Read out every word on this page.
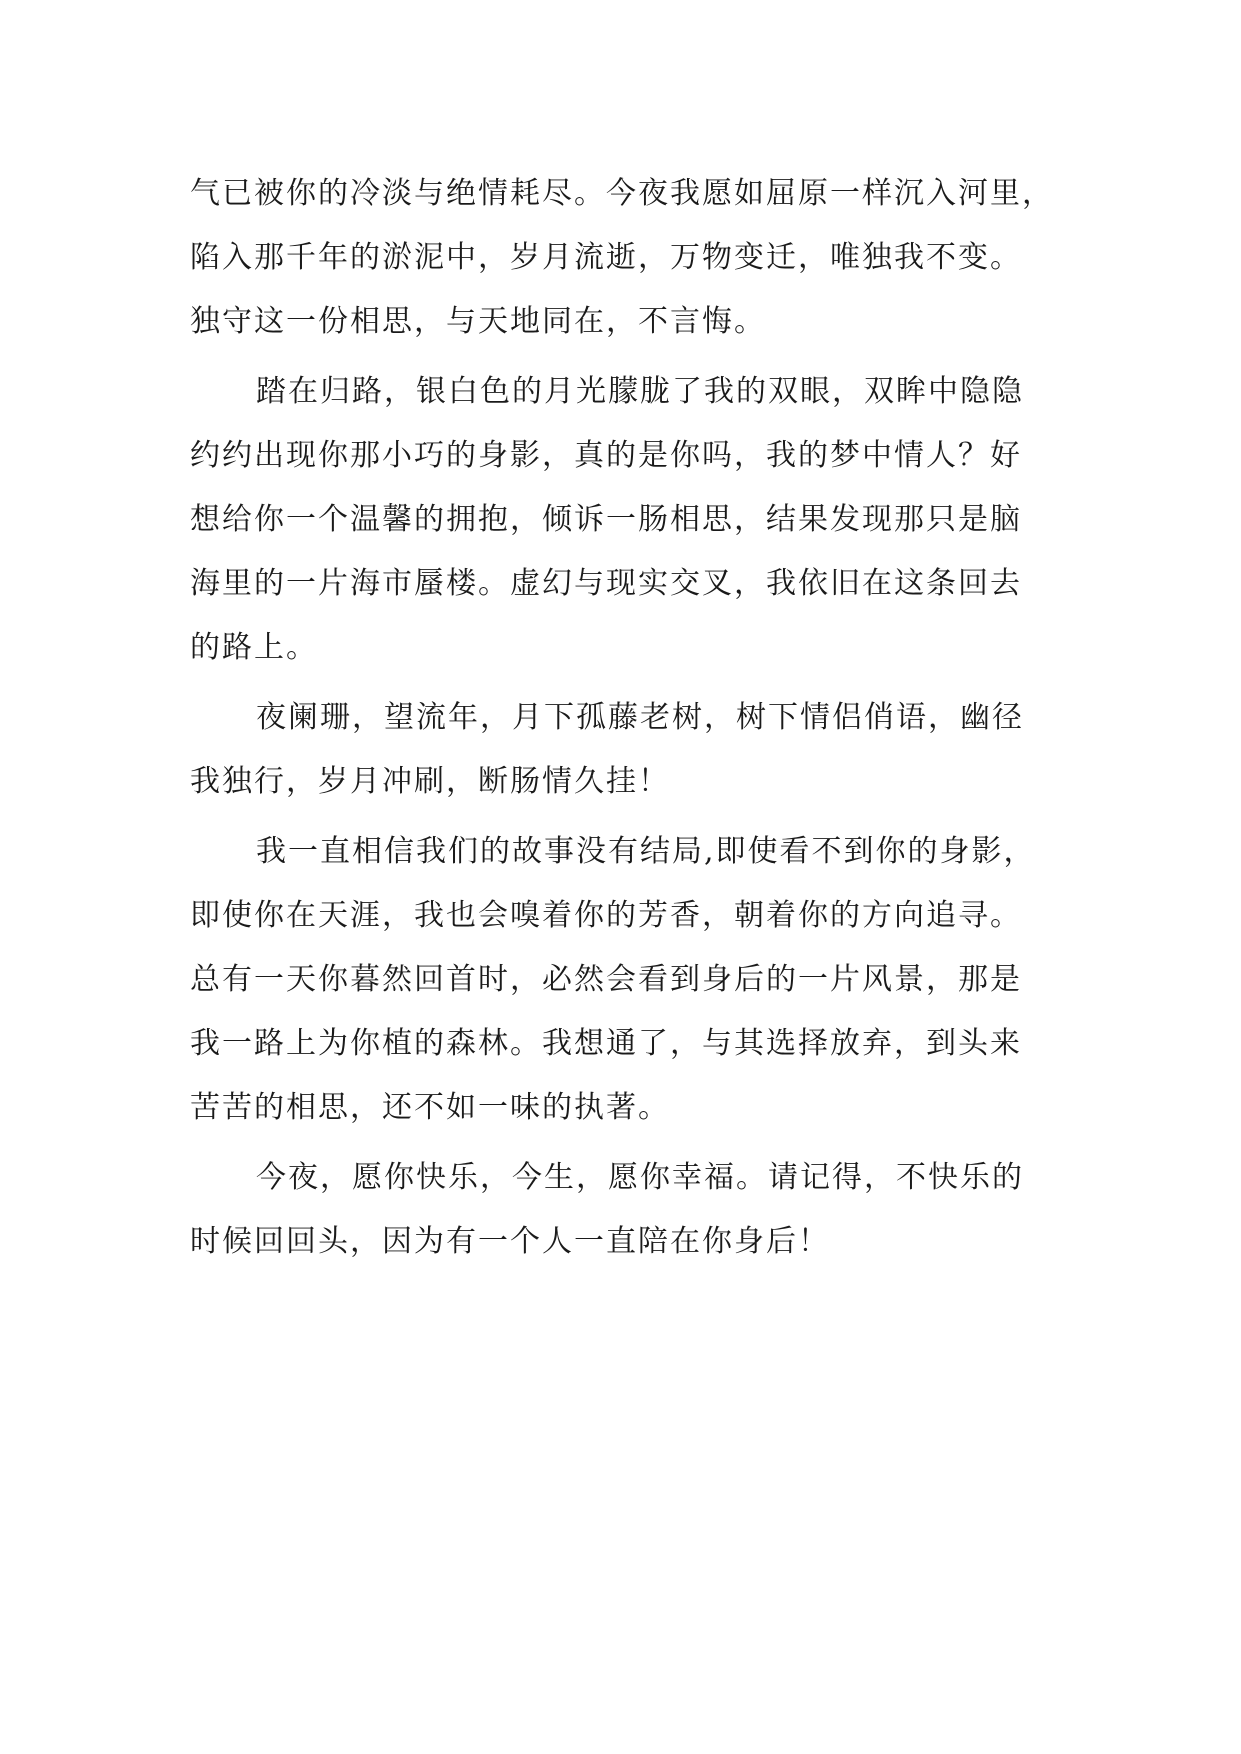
气已被你的冷淡与绝情耗尽。今夜我愿如屈原一样沉入河里，
陷入那千年的淤泥中，岁月流逝，万物变迁，唯独我不变。
独守这一份相思，与天地同在，不言悔。
踏在归路，银白色的月光朦胧了我的双眼，双眸中隐隐
约约出现你那小巧的身影，真的是你吗，我的梦中情人？好
想给你一个温馨的拥抱，倾诉一肠相思，结果发现那只是脑
海里的一片海市蜃楼。虚幻与现实交叉，我依旧在这条回去
的路上。
夜阑珊，望流年，月下孤藤老树，树下情侣俏语，幽径
我独行，岁月冲刷，断肠情久挂！
我一直相信我们的故事没有结局,即使看不到你的身影，
即使你在天涯，我也会嗅着你的芳香，朝着你的方向追寻。
总有一天你暮然回首时，必然会看到身后的一片风景，那是
我一路上为你植的森林。我想通了，与其选择放弃，到头来
苦苦的相思，还不如一味的执著。
今夜，愿你快乐，今生，愿你幸福。请记得，不快乐的
时候回回头，因为有一个人一直陪在你身后！
